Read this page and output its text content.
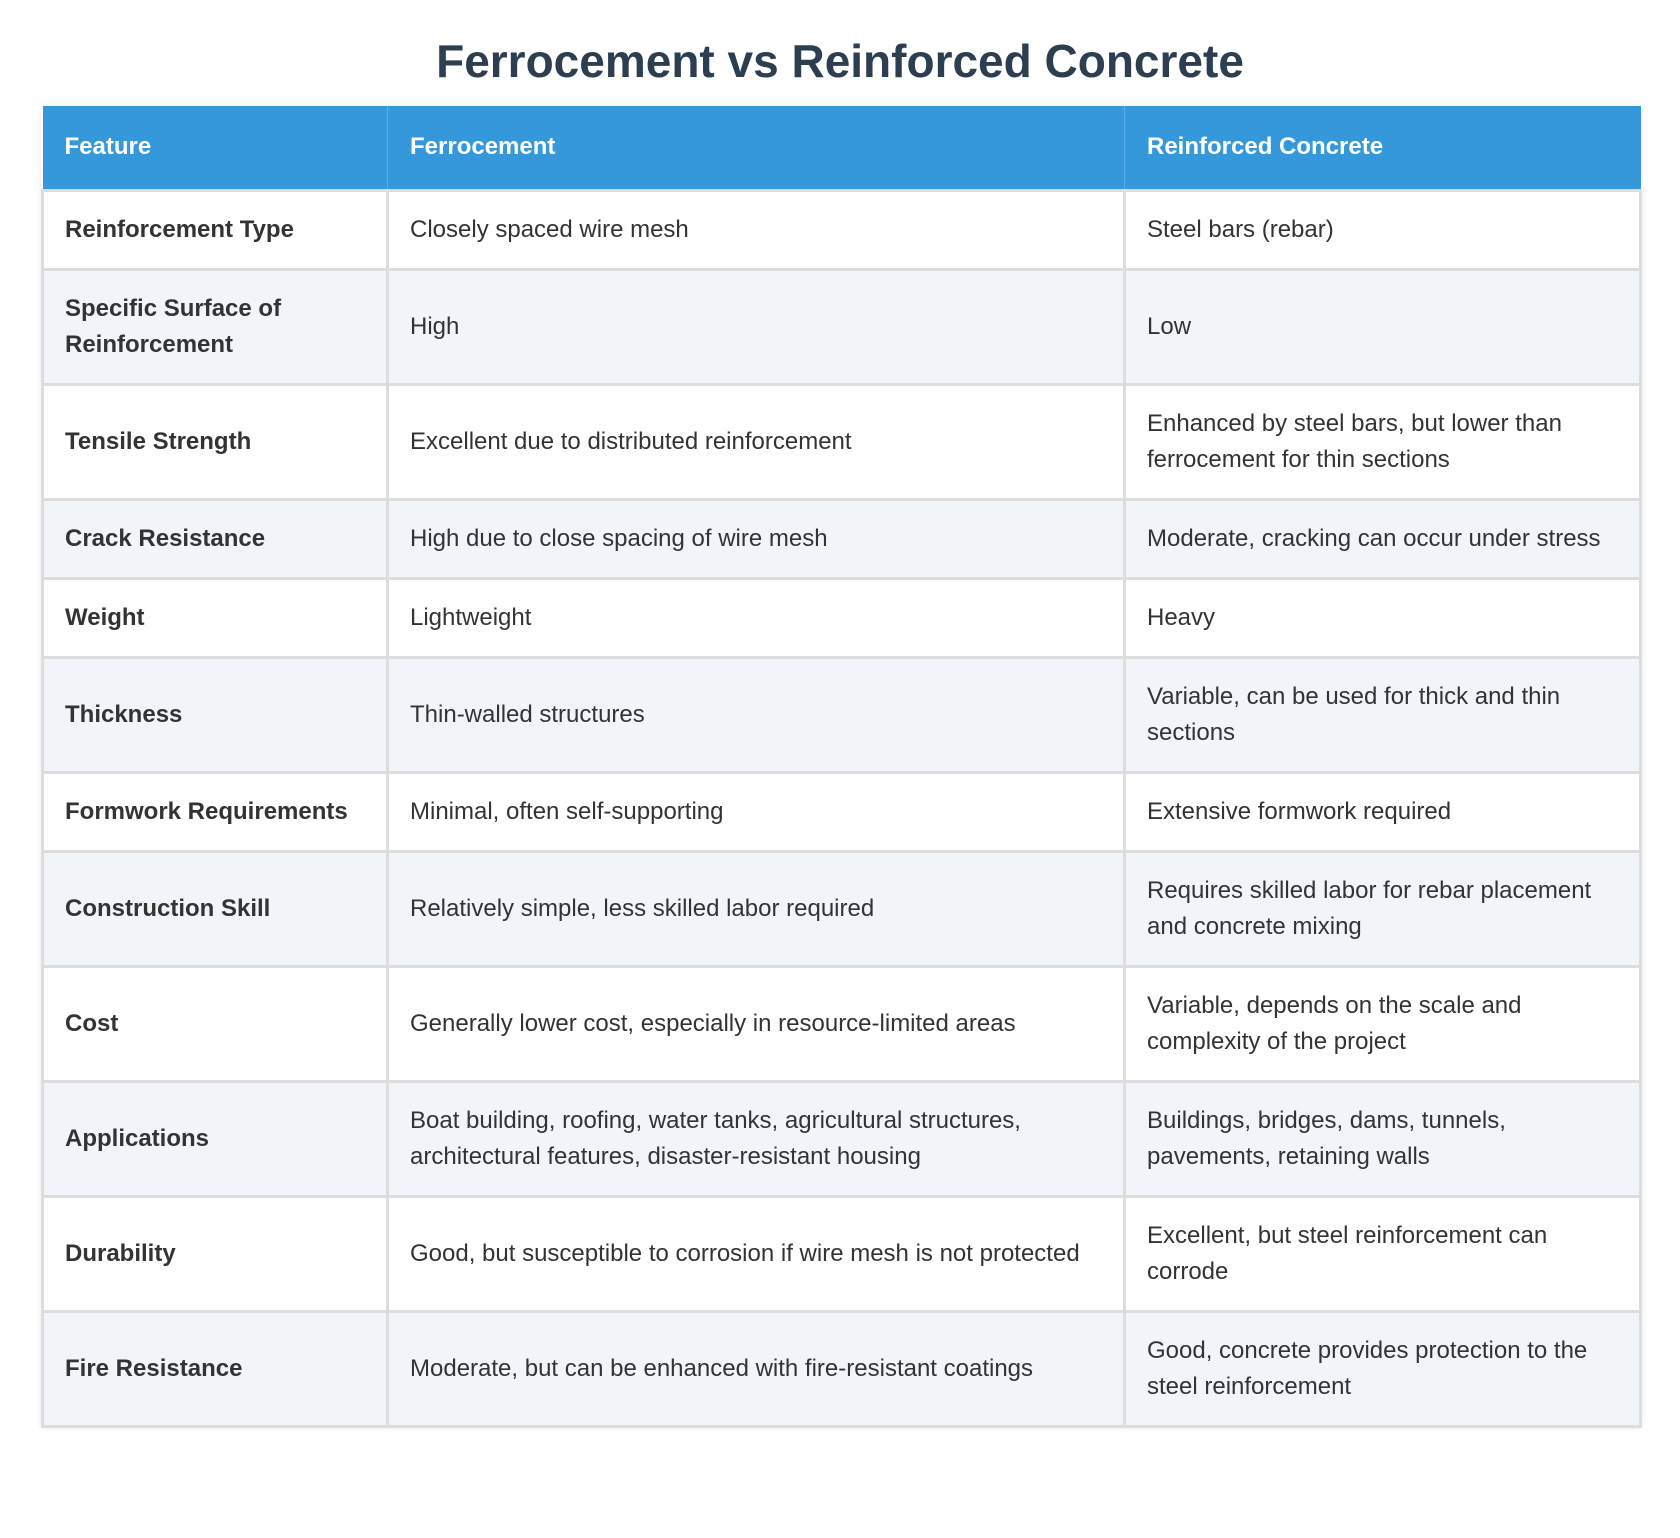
Ferrocement vs Reinforced Concrete
Feature	Ferrocement	Reinforced Concrete
Reinforcement Type	Closely spaced wire mesh	Steel bars (rebar)
Specific Surface of Reinforcement	High	Low
Tensile Strength	Excellent due to distributed reinforcement	Enhanced by steel bars, but lower than ferrocement for thin sections
Crack Resistance	High due to close spacing of wire mesh	Moderate, cracking can occur under stress
Weight	Lightweight	Heavy
Thickness	Thin-walled structures	Variable, can be used for thick and thin sections
Formwork Requirements	Minimal, often self-supporting	Extensive formwork required
Construction Skill	Relatively simple, less skilled labor required	Requires skilled labor for rebar placement and concrete mixing
Cost	Generally lower cost, especially in resource-limited areas	Variable, depends on the scale and complexity of the project
Applications	Boat building, roofing, water tanks, agricultural structures, architectural features, disaster-resistant housing	Buildings, bridges, dams, tunnels, pavements, retaining walls
Durability	Good, but susceptible to corrosion if wire mesh is not protected	Excellent, but steel reinforcement can corrode
Fire Resistance	Moderate, but can be enhanced with fire-resistant coatings	Good, concrete provides protection to the steel reinforcement
